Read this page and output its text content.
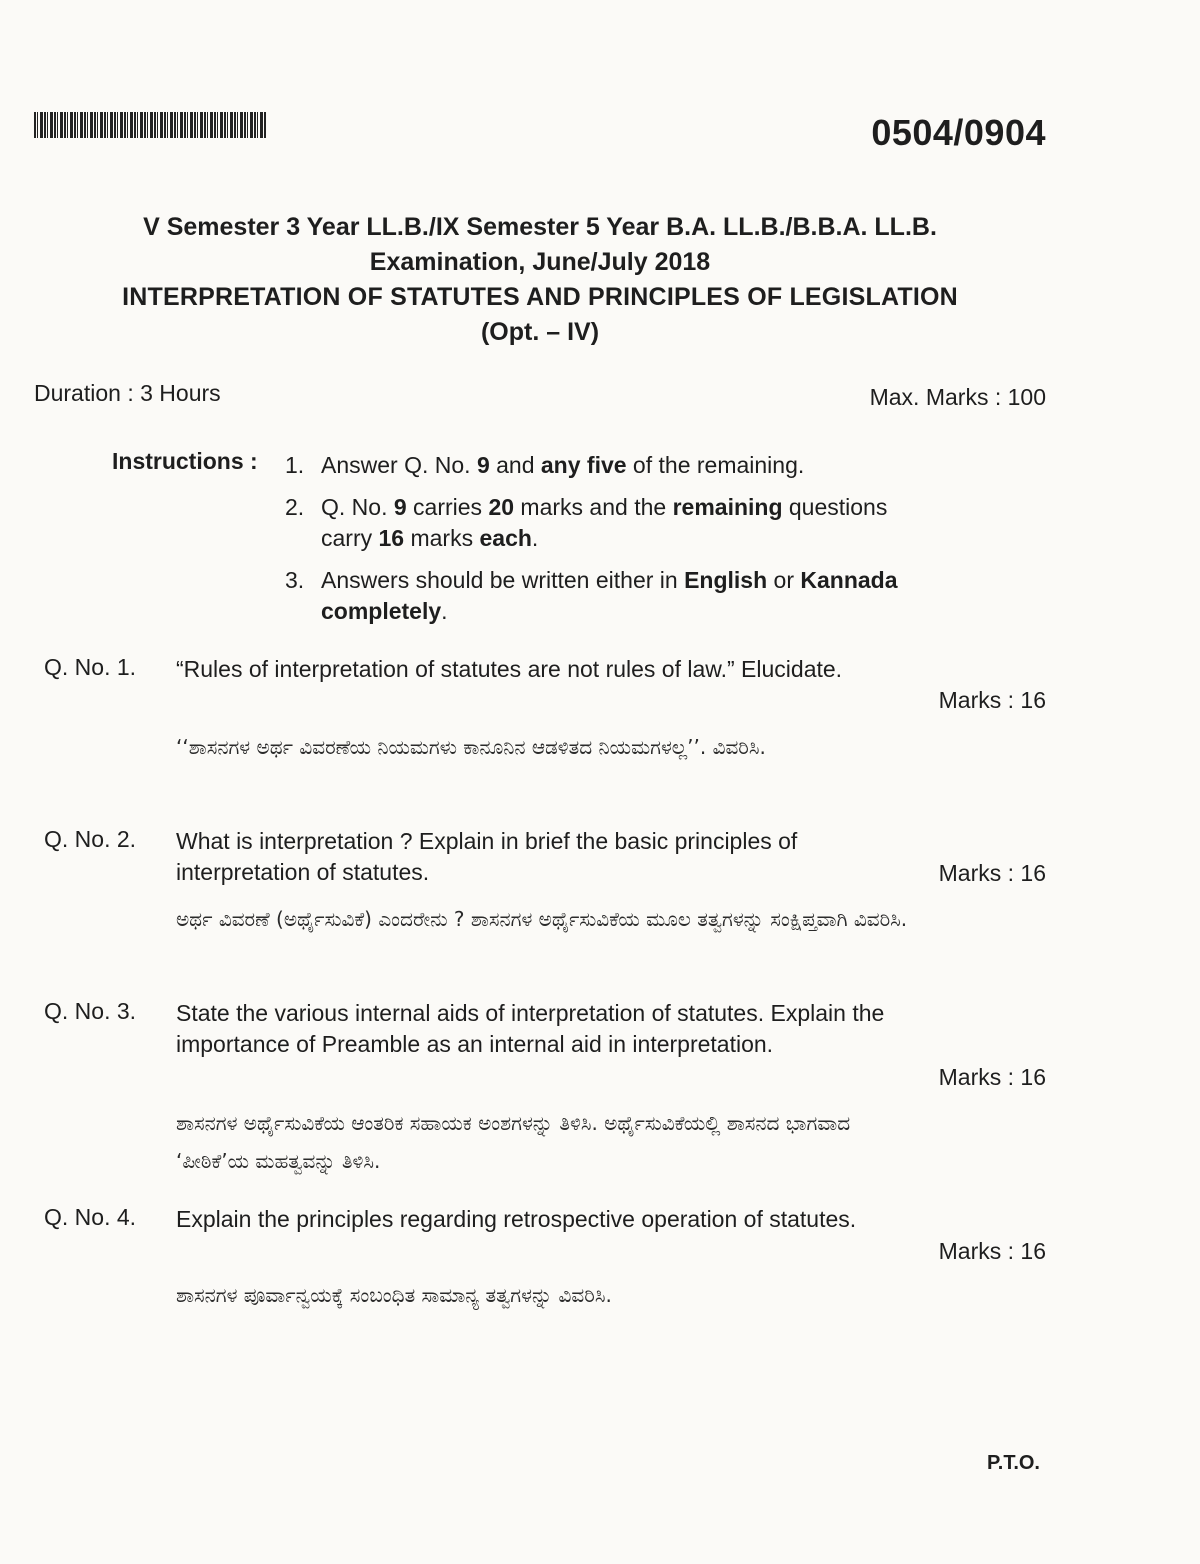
0504/0904
V Semester 3 Year LL.B./IX Semester 5 Year B.A. LL.B./B.B.A. LL.B.
Examination, June/July 2018
INTERPRETATION OF STATUTES AND PRINCIPLES OF LEGISLATION
(Opt. – IV)
Duration : 3 Hours	Max. Marks : 100
Instructions : 1. Answer Q. No. 9 and any five of the remaining.
2. Q. No. 9 carries 20 marks and the remaining questions carry 16 marks each.
3. Answers should be written either in English or Kannada completely.
Q. No. 1. “Rules of interpretation of statutes are not rules of law.” Elucidate.
Marks : 16
‘‘ಶಾಸನಗಳ ಅರ್ಥ ವಿವರಣೆಯ ನಿಯಮಗಳು ಕಾನೂನಿನ ಆಡಳಿತದ ನಿಯಮಗಳಲ್ಲ’’. ವಿವರಿಸಿ.
Q. No. 2. What is interpretation ? Explain in brief the basic principles of interpretation of statutes.	Marks : 16
ಅರ್ಥ ವಿವರಣೆ (ಅರ್ಥೈಸುವಿಕೆ) ಎಂದರೇನು ? ಶಾಸನಗಳ ಅರ್ಥೈಸುವಿಕೆಯ ಮೂಲ ತತ್ವಗಳನ್ನು ಸಂಕ್ಷಿಪ್ತವಾಗಿ ವಿವರಿಸಿ.
Q. No. 3. State the various internal aids of interpretation of statutes. Explain the importance of Preamble as an internal aid in interpretation.
Marks : 16
ಶಾಸನಗಳ ಅರ್ಥೈಸುವಿಕೆಯ ಆಂತರಿಕ ಸಹಾಯಕ ಅಂಶಗಳನ್ನು ತಿಳಿಸಿ. ಅರ್ಥೈಸುವಿಕೆಯಲ್ಲಿ ಶಾಸನದ ಭಾಗವಾದ ‘ಪೀಠಿಕೆ’ಯ ಮಹತ್ವವನ್ನು ತಿಳಿಸಿ.
Q. No. 4. Explain the principles regarding retrospective operation of statutes.
Marks : 16
ಶಾಸನಗಳ ಪೂರ್ವಾನ್ವಯಕ್ಕೆ ಸಂಬಂಧಿತ ಸಾಮಾನ್ಯ ತತ್ವಗಳನ್ನು ವಿವರಿಸಿ.
P.T.O.
